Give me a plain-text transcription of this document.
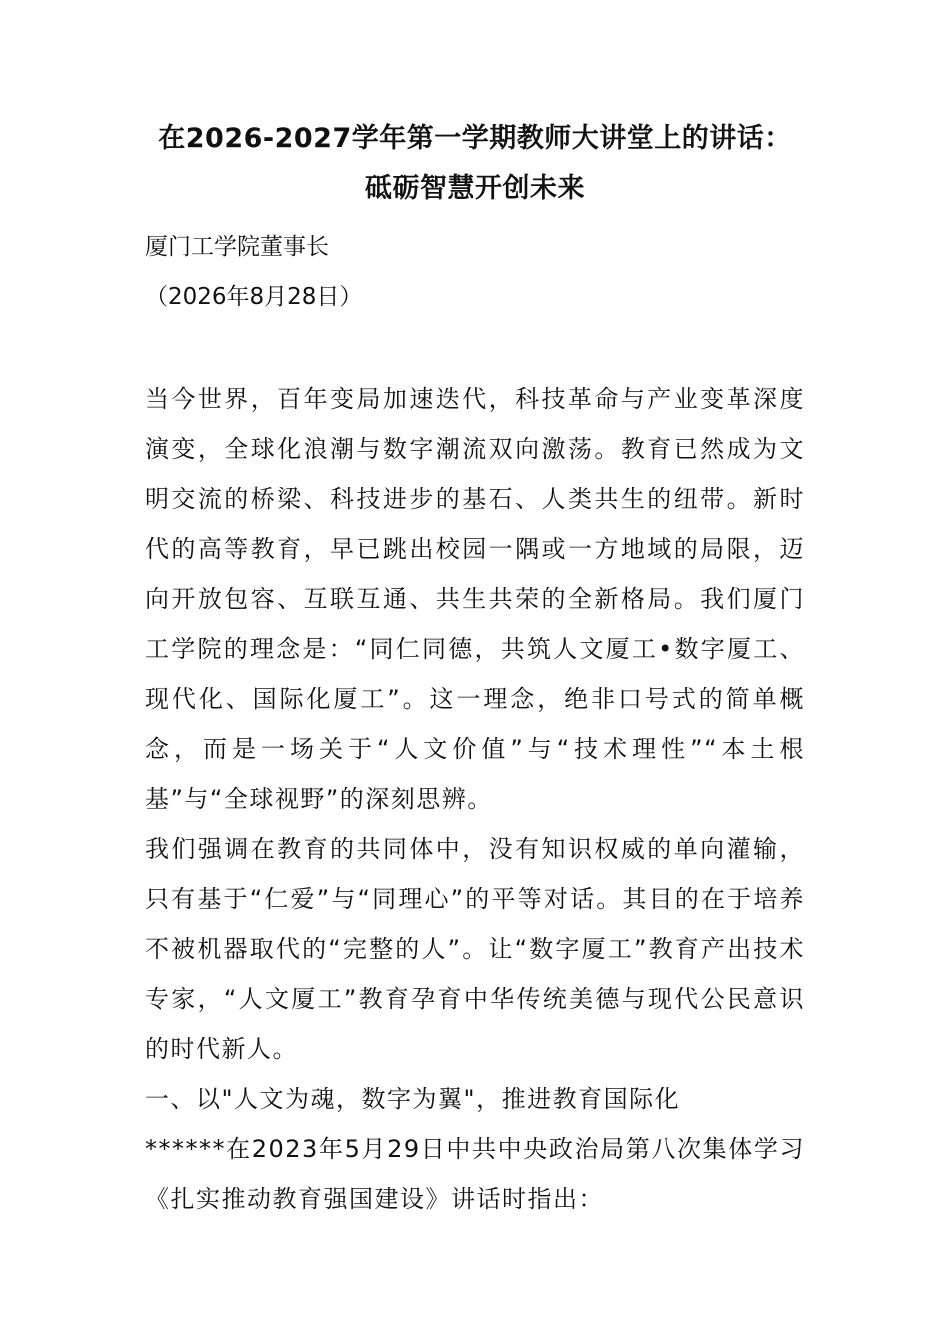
在2026-2027学年第一学期教师大讲堂上的讲话：砥砺智慧开创未来

厦门工学院董事长

（2026年8月28日）

当今世界，百年变局加速迭代，科技革命与产业变革深度演变，全球化浪潮与数字潮流双向激荡。教育已然成为文明交流的桥梁、科技进步的基石、人类共生的纽带。新时代的高等教育，早已跳出校园一隅或一方地域的局限，迈向开放包容、互联互通、共生共荣的全新格局。我们厦门工学院的理念是：“同仁同德，共筑人文厦工•数字厦工、现代化、国际化厦工”。这一理念，绝非口号式的简单概念，而是一场关于“人文价值”与“技术理性”“本土根基”与“全球视野”的深刻思辨。

我们强调在教育的共同体中，没有知识权威的单向灌输，只有基于“仁爱”与“同理心”的平等对话。其目的在于培养不被机器取代的“完整的人”。让“数字厦工”教育产出技术专家，“人文厦工”教育孕育中华传统美德与现代公民意识的时代新人。

一、以"人文为魂，数字为翼"，推进教育国际化

******在2023年5月29日中共中央政治局第八次集体学习《扎实推动教育强国建设》讲话时指出：
